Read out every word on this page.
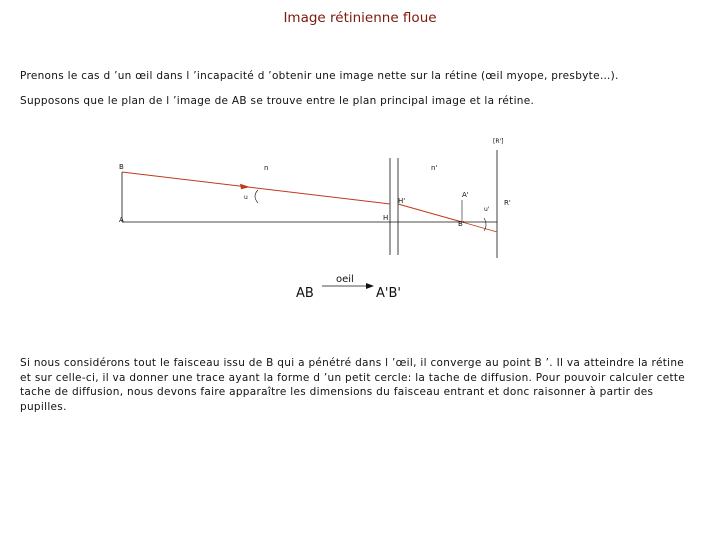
Image rétinienne floue
Prenons le cas d ’un œil dans l ’incapacité d ’obtenir une image nette sur la rétine (œil myope, presbyte…).
Supposons que le plan de l ’image de AB se trouve entre le plan principal image et la rétine.
[R']
B
A
n	n'
u
H
H'
A'
B'
u'
R'
AB
oeil
A'B'
Si nous considérons tout le faisceau issu de B qui a pénétré dans l ’œil, il converge au point B ’. Il va atteindre la rétine et sur celle-ci, il va donner une trace ayant la forme d ’un petit cercle: la tache de diffusion. Pour pouvoir calculer cette tache de diffusion, nous devons faire apparaître les dimensions du faisceau entrant et donc raisonner à partir des pupilles.
